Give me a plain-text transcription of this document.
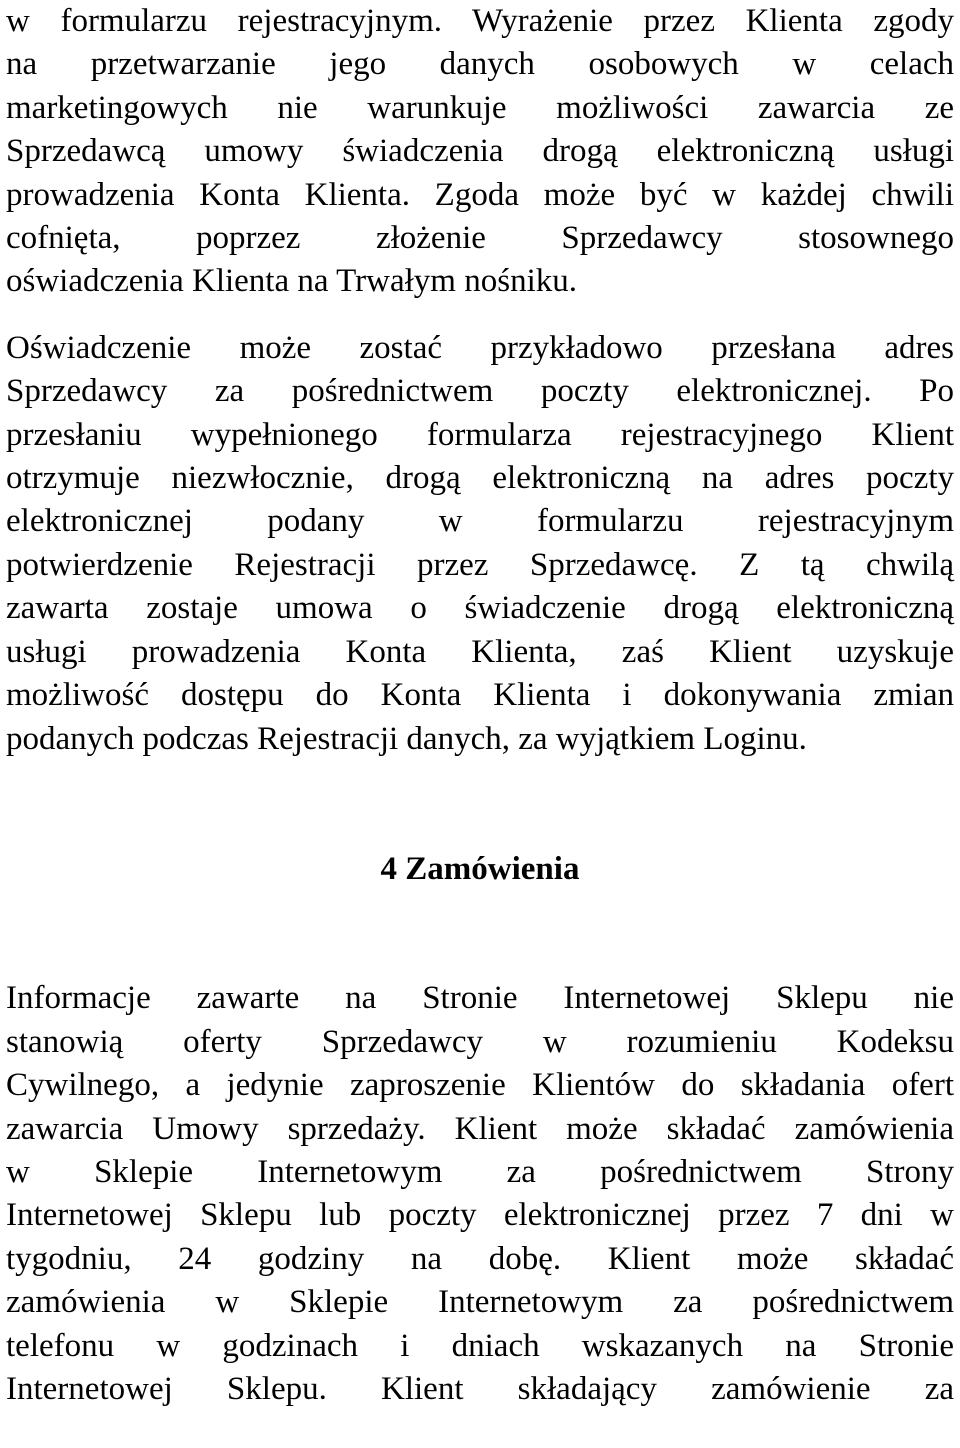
w formularzu rejestracyjnym. Wyrażenie przez Klienta zgody

na przetwarzanie jego danych osobowych w celach

marketingowych nie warunkuje możliwości zawarcia ze

Sprzedawcą umowy świadczenia drogą elektroniczną usługi

prowadzenia Konta Klienta. Zgoda może być w każdej chwili

cofnięta, poprzez złożenie Sprzedawcy stosownego

oświadczenia Klienta na Trwałym nośniku.

Oświadczenie może zostać przykładowo przesłana adres

Sprzedawcy za pośrednictwem poczty elektronicznej. Po

przesłaniu wypełnionego formularza rejestracyjnego Klient

otrzymuje niezwłocznie, drogą elektroniczną na adres poczty

elektronicznej podany w formularzu rejestracyjnym

potwierdzenie Rejestracji przez Sprzedawcę. Z tą chwilą

zawarta zostaje umowa o świadczenie drogą elektroniczną

usługi prowadzenia Konta Klienta, zaś Klient uzyskuje

możliwość dostępu do Konta Klienta i dokonywania zmian

podanych podczas Rejestracji danych, za wyjątkiem Loginu.

4 Zamówienia

Informacje zawarte na Stronie Internetowej Sklepu nie

stanowią oferty Sprzedawcy w rozumieniu Kodeksu

Cywilnego, a jedynie zaproszenie Klientów do składania ofert

zawarcia Umowy sprzedaży. Klient może składać zamówienia

w Sklepie Internetowym za pośrednictwem Strony

Internetowej Sklepu lub poczty elektronicznej przez 7 dni w

tygodniu, 24 godziny na dobę. Klient może składać

zamówienia w Sklepie Internetowym za pośrednictwem

telefonu w godzinach i dniach wskazanych na Stronie

Internetowej Sklepu. Klient składający zamówienie za
